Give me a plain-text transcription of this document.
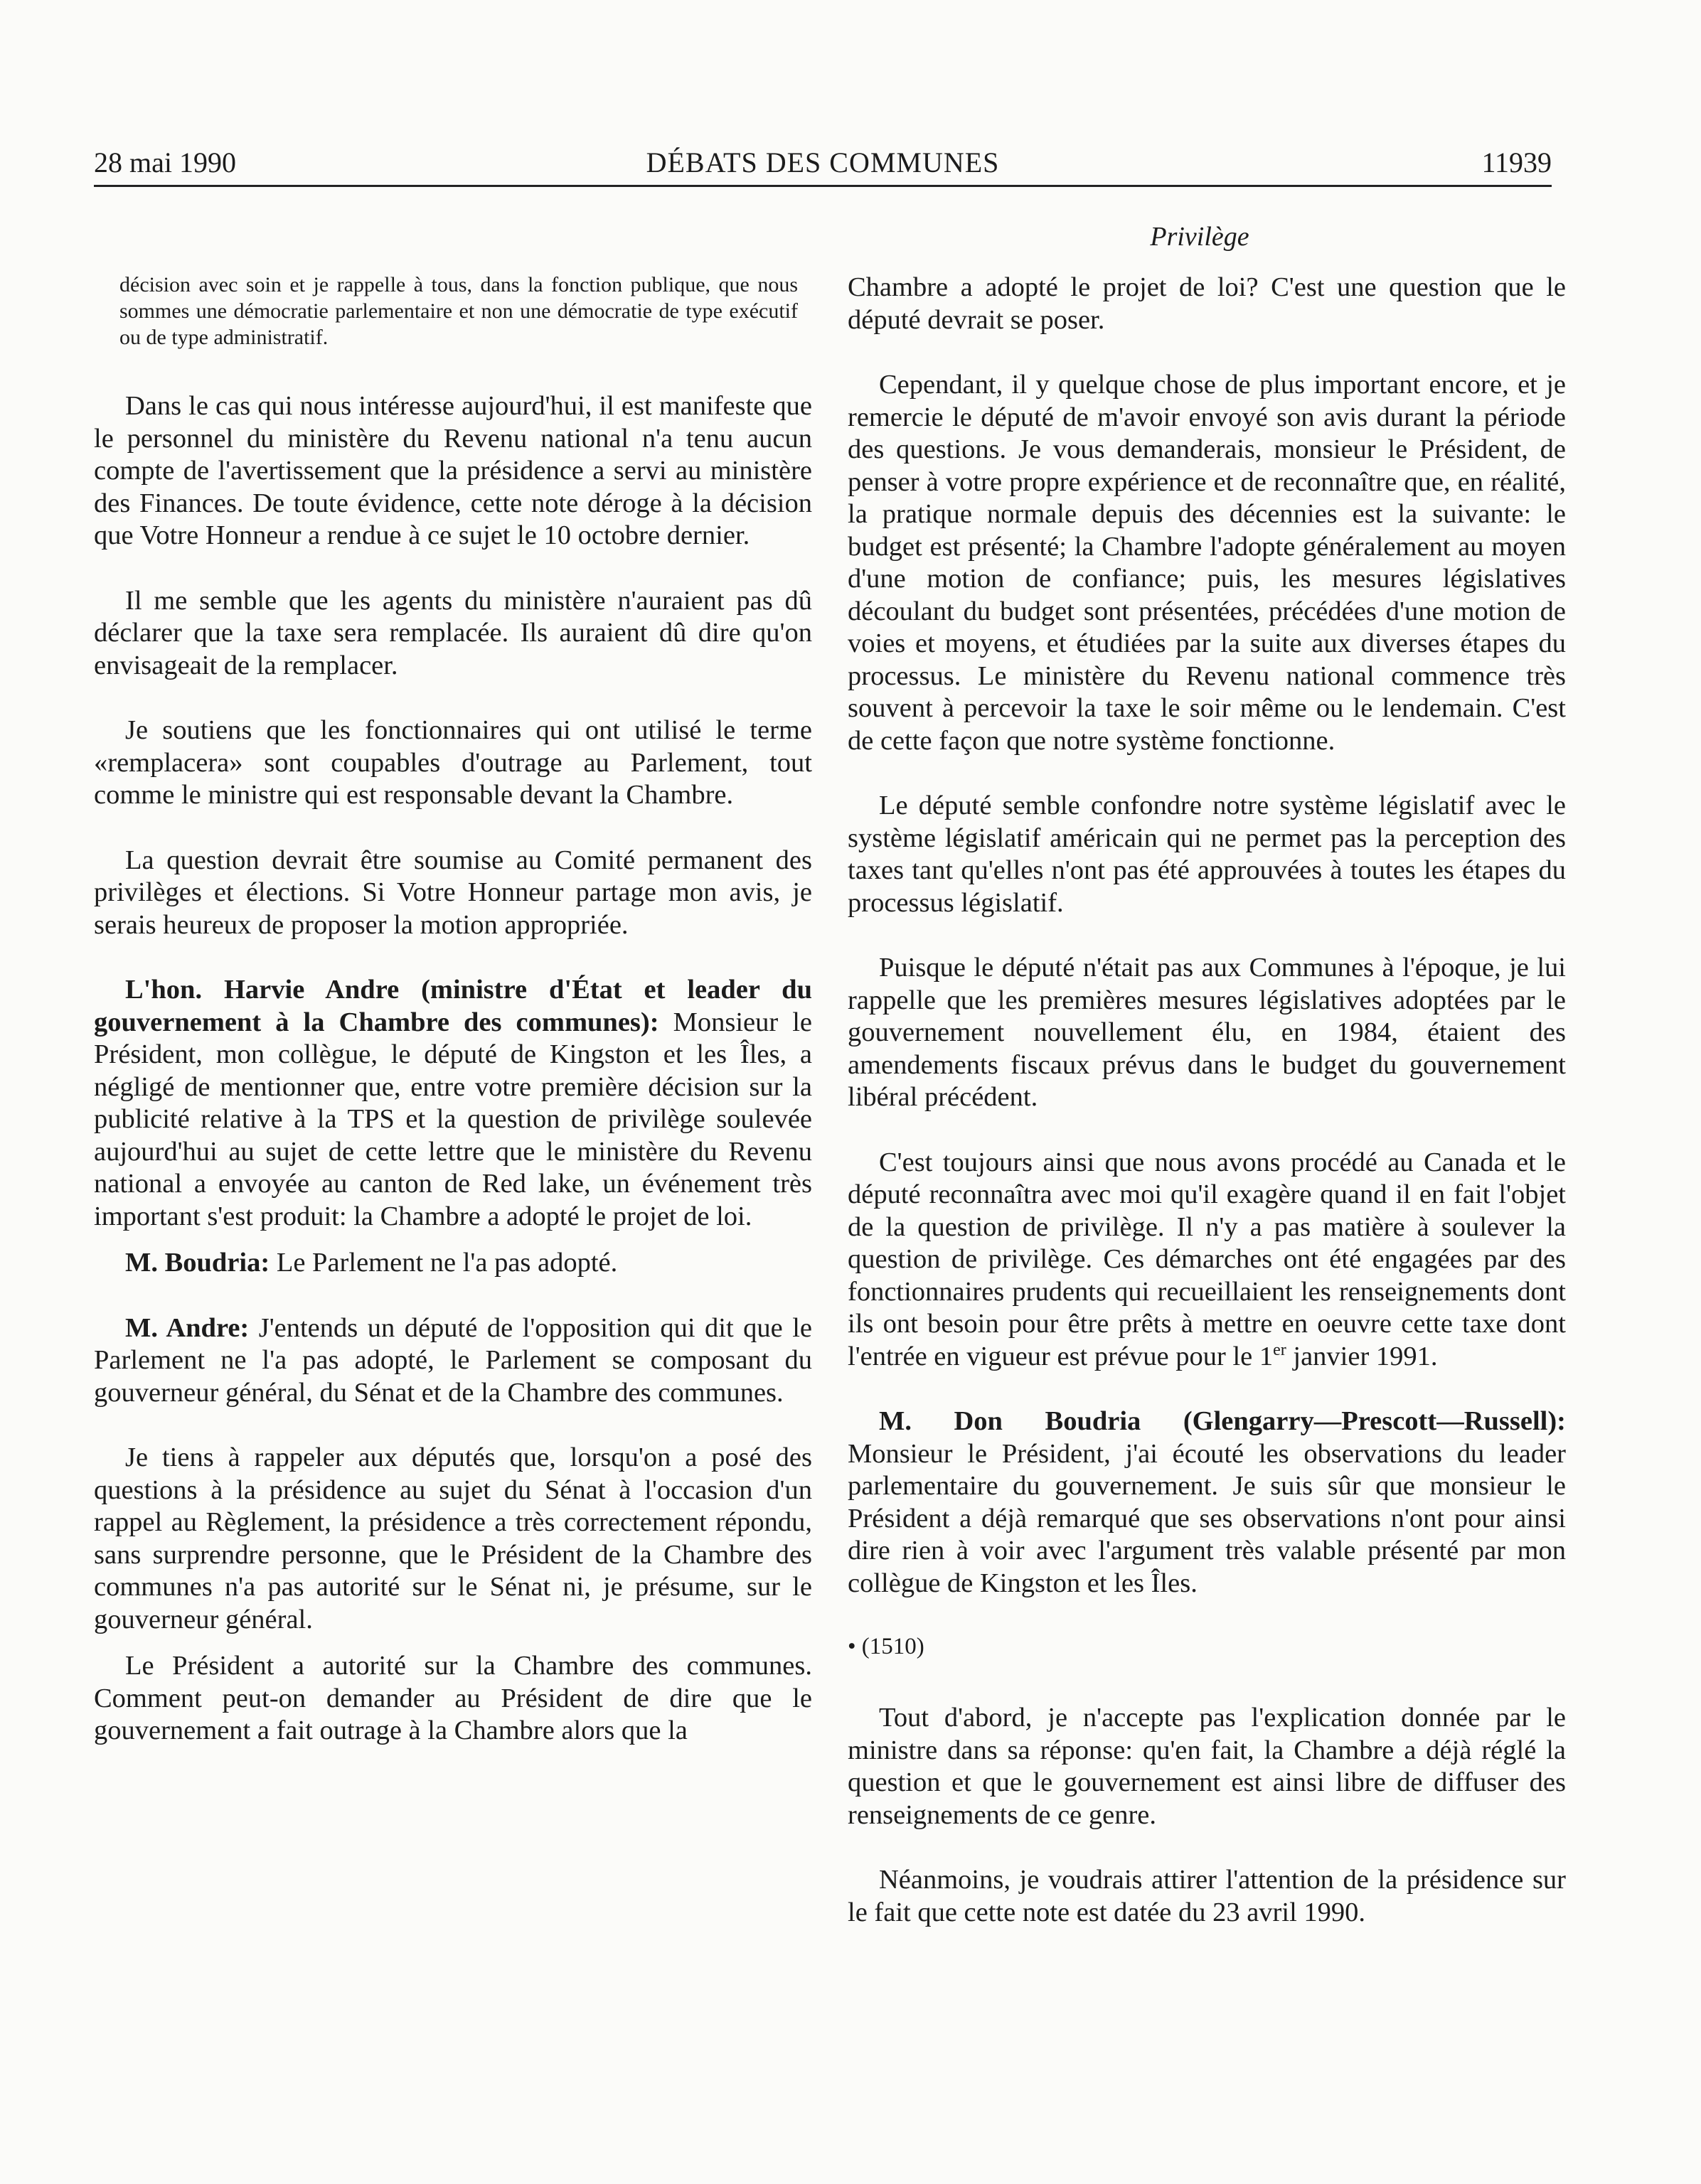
28 mai 1990	DÉBATS DES COMMUNES	11939
Privilège

décision avec soin et je rappelle à tous, dans la fonction publique, que nous sommes une démocratie parlementaire et non une démocratie de type exécutif ou de type administratif.

Dans le cas qui nous intéresse aujourd'hui, il est manifeste que le personnel du ministère du Revenu national n'a tenu aucun compte de l'avertissement que la présidence a servi au ministère des Finances. De toute évidence, cette note déroge à la décision que Votre Honneur a rendue à ce sujet le 10 octobre dernier.

Il me semble que les agents du ministère n'auraient pas dû déclarer que la taxe sera remplacée. Ils auraient dû dire qu'on envisageait de la remplacer.

Je soutiens que les fonctionnaires qui ont utilisé le terme «remplacera» sont coupables d'outrage au Parlement, tout comme le ministre qui est responsable devant la Chambre.

La question devrait être soumise au Comité permanent des privilèges et élections. Si Votre Honneur partage mon avis, je serais heureux de proposer la motion appropriée.

L'hon. Harvie Andre (ministre d'État et leader du gouvernement à la Chambre des communes): Monsieur le Président, mon collègue, le député de Kingston et les Îles, a négligé de mentionner que, entre votre première décision sur la publicité relative à la TPS et la question de privilège soulevée aujourd'hui au sujet de cette lettre que le ministère du Revenu national a envoyée au canton de Red lake, un événement très important s'est produit: la Chambre a adopté le projet de loi.

M. Boudria: Le Parlement ne l'a pas adopté.

M. Andre: J'entends un député de l'opposition qui dit que le Parlement ne l'a pas adopté, le Parlement se composant du gouverneur général, du Sénat et de la Chambre des communes.

Je tiens à rappeler aux députés que, lorsqu'on a posé des questions à la présidence au sujet du Sénat à l'occasion d'un rappel au Règlement, la présidence a très correctement répondu, sans surprendre personne, que le Président de la Chambre des communes n'a pas autorité sur le Sénat ni, je présume, sur le gouverneur général.

Le Président a autorité sur la Chambre des communes. Comment peut-on demander au Président de dire que le gouvernement a fait outrage à la Chambre alors que la

Chambre a adopté le projet de loi? C'est une question que le député devrait se poser.

Cependant, il y quelque chose de plus important encore, et je remercie le député de m'avoir envoyé son avis durant la période des questions. Je vous demanderais, monsieur le Président, de penser à votre propre expérience et de reconnaître que, en réalité, la pratique normale depuis des décennies est la suivante: le budget est présenté; la Chambre l'adopte généralement au moyen d'une motion de confiance; puis, les mesures législatives découlant du budget sont présentées, précédées d'une motion de voies et moyens, et étudiées par la suite aux diverses étapes du processus. Le ministère du Revenu national commence très souvent à percevoir la taxe le soir même ou le lendemain. C'est de cette façon que notre système fonctionne.

Le député semble confondre notre système législatif avec le système législatif américain qui ne permet pas la perception des taxes tant qu'elles n'ont pas été approuvées à toutes les étapes du processus législatif.

Puisque le député n'était pas aux Communes à l'époque, je lui rappelle que les premières mesures législatives adoptées par le gouvernement nouvellement élu, en 1984, étaient des amendements fiscaux prévus dans le budget du gouvernement libéral précédent.

C'est toujours ainsi que nous avons procédé au Canada et le député reconnaîtra avec moi qu'il exagère quand il en fait l'objet de la question de privilège. Il n'y a pas matière à soulever la question de privilège. Ces démarches ont été engagées par des fonctionnaires prudents qui recueillaient les renseignements dont ils ont besoin pour être prêts à mettre en oeuvre cette taxe dont l'entrée en vigueur est prévue pour le 1er janvier 1991.

M. Don Boudria (Glengarry—Prescott—Russell): Monsieur le Président, j'ai écouté les observations du leader parlementaire du gouvernement. Je suis sûr que monsieur le Président a déjà remarqué que ses observations n'ont pour ainsi dire rien à voir avec l'argument très valable présenté par mon collègue de Kingston et les Îles.

• (1510)

Tout d'abord, je n'accepte pas l'explication donnée par le ministre dans sa réponse: qu'en fait, la Chambre a déjà réglé la question et que le gouvernement est ainsi libre de diffuser des renseignements de ce genre.

Néanmoins, je voudrais attirer l'attention de la présidence sur le fait que cette note est datée du 23 avril 1990.
